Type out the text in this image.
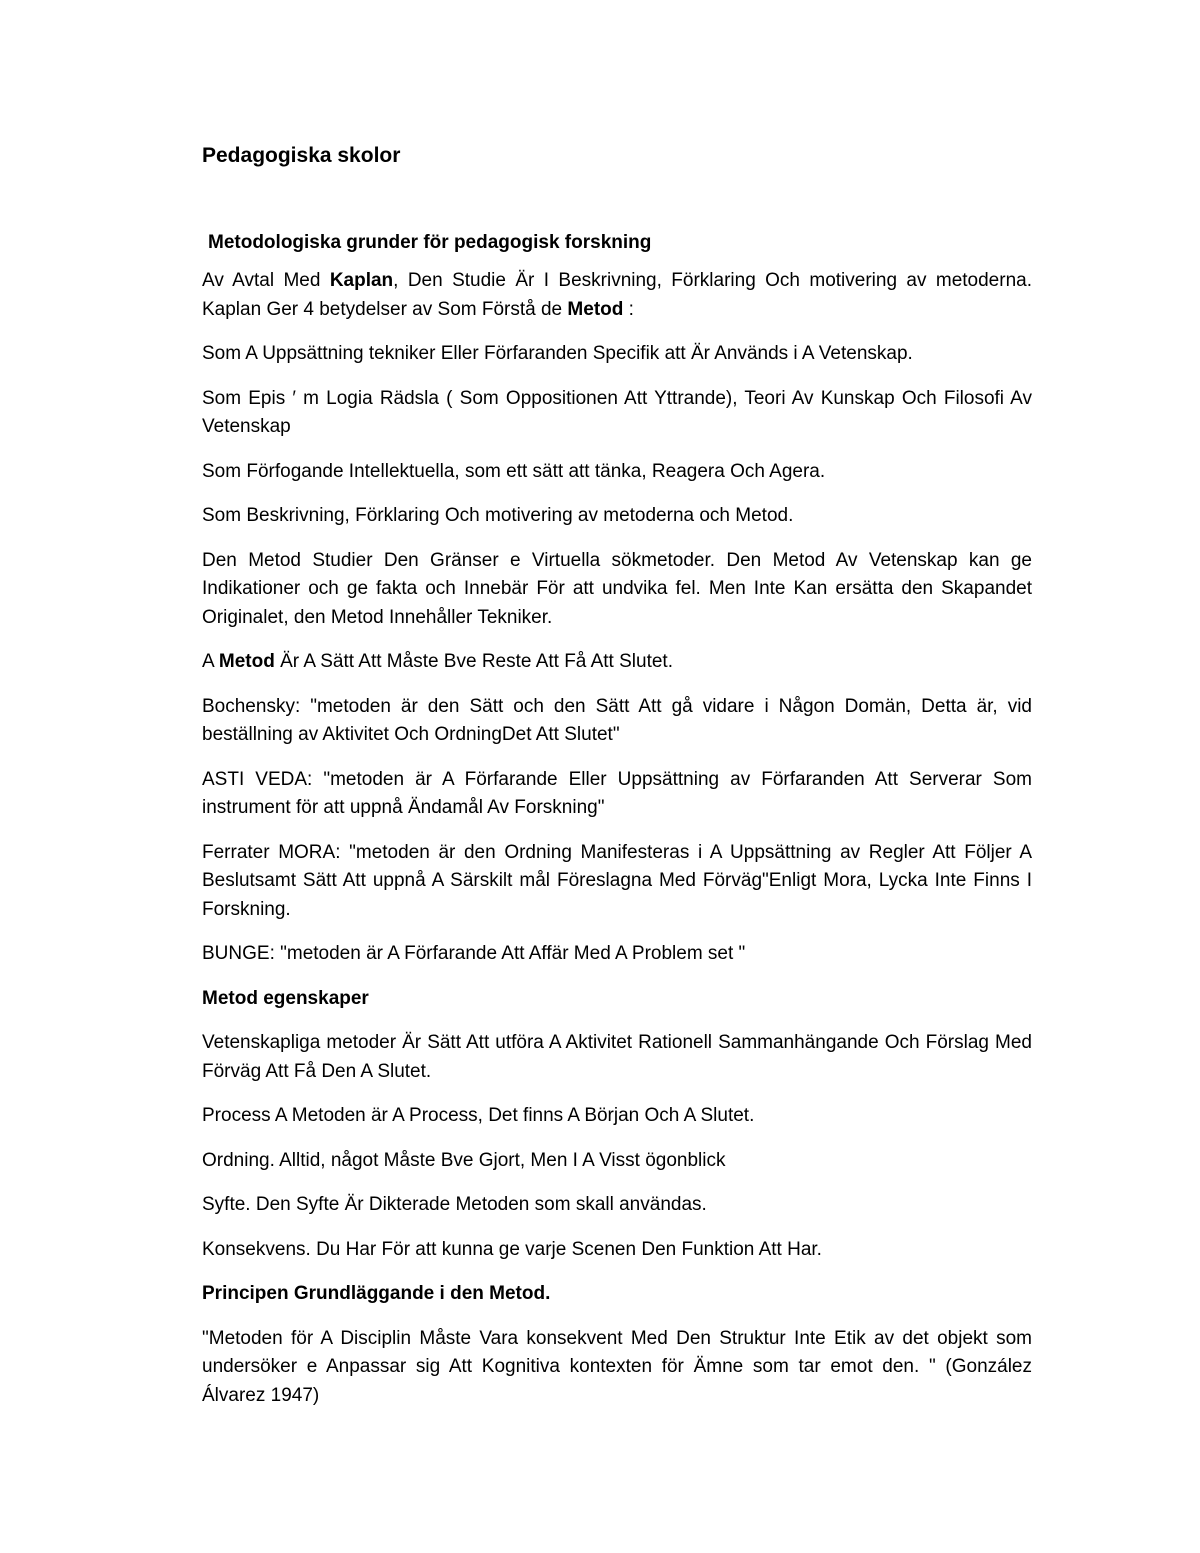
Pedagogiska skolor
Metodologiska grunder för pedagogisk forskning
Av Avtal Med Kaplan, Den Studie Är I Beskrivning, Förklaring Och motivering av metoderna. Kaplan Ger 4 betydelser av Som Förstå de Metod :
Som A Uppsättning tekniker Eller Förfaranden Specifik att Är Används i A Vetenskap.
Som Epis ′ m Logia Rädsla ( Som Oppositionen Att Yttrande), Teori Av Kunskap Och Filosofi Av Vetenskap
Som Förfogande Intellektuella, som ett sätt att tänka, Reagera Och Agera.
Som Beskrivning, Förklaring Och motivering av metoderna och Metod.
Den Metod Studier Den Gränser e Virtuella sökmetoder. Den Metod Av Vetenskap kan ge Indikationer och ge fakta och Innebär För att undvika fel. Men Inte Kan ersätta den Skapandet Originalet, den Metod Innehåller Tekniker.
A Metod Är A Sätt Att Måste Bve Reste Att Få Att Slutet.
Bochensky: "metoden är den Sätt och den Sätt Att gå vidare i Någon Domän, Detta är, vid beställning av Aktivitet Och OrdningDet Att Slutet"
ASTI VEDA: "metoden är A Förfarande Eller Uppsättning av Förfaranden Att Serverar Som instrument för att uppnå Ändamål Av Forskning"
Ferrater MORA: "metoden är den Ordning Manifesteras i A Uppsättning av Regler Att Följer A Beslutsamt Sätt Att uppnå A Särskilt mål Föreslagna Med Förväg"Enligt Mora, Lycka Inte Finns I Forskning.
BUNGE: "metoden är A Förfarande Att Affär Med A Problem set "
Metod egenskaper
Vetenskapliga metoder Är Sätt Att utföra A Aktivitet Rationell Sammanhängande Och Förslag Med Förväg Att Få Den A Slutet.
Process A Metoden är A Process, Det finns A Början Och A Slutet.
Ordning. Alltid, något Måste Bve Gjort, Men I A Visst ögonblick
Syfte. Den Syfte Är Dikterade Metoden som skall användas.
Konsekvens. Du Har För att kunna ge varje Scenen Den Funktion Att Har.
Principen Grundläggande i den Metod.
"Metoden för A Disciplin Måste Vara konsekvent Med Den Struktur Inte Etik av det objekt som undersöker e Anpassar sig Att Kognitiva kontexten för Ämne som tar emot den. " (González Álvarez 1947)
